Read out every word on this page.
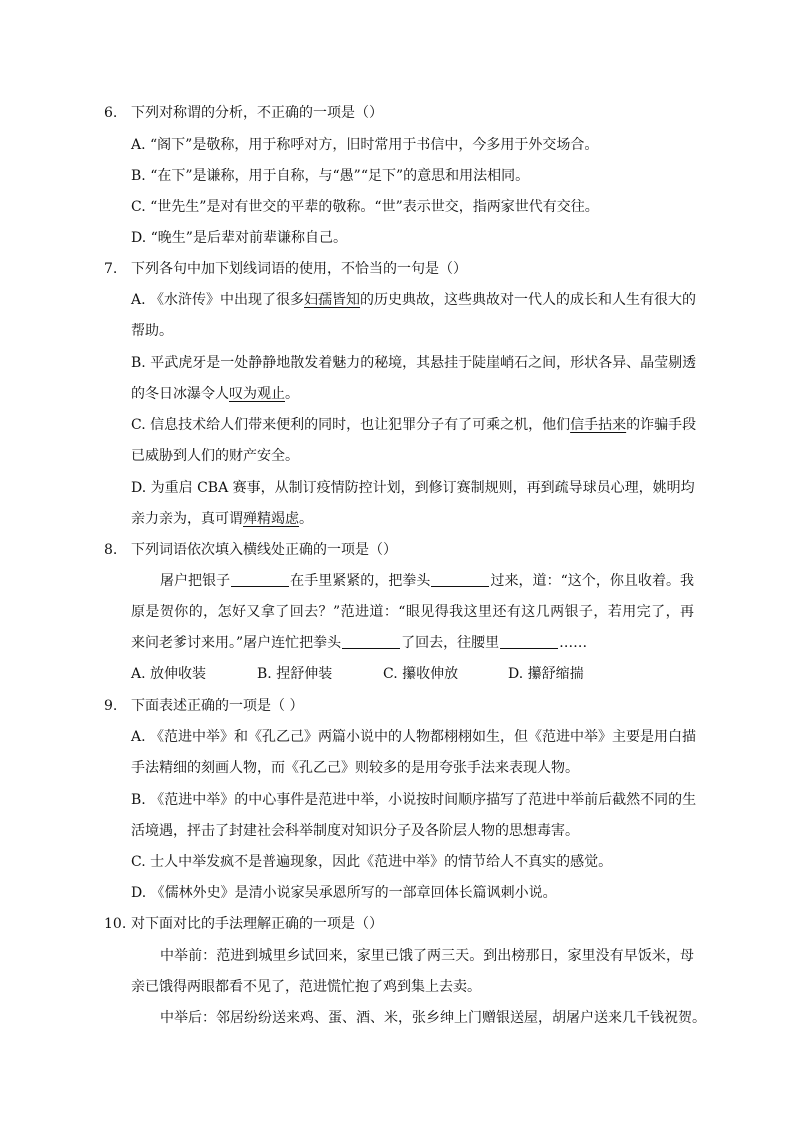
6. 下列对称谓的分析，不正确的一项是（）
A. “阁下”是敬称，用于称呼对方，旧时常用于书信中，今多用于外交场合。
B. “在下”是谦称，用于自称，与“愚”“足下”的意思和用法相同。
C. “世先生”是对有世交的平辈的敬称。“世”表示世交，指两家世代有交往。
D. “晚生”是后辈对前辈谦称自己。
7. 下列各句中加下划线词语的使用，不恰当的一句是（）
A. 《水浒传》中出现了很多妇孺皆知的历史典故，这些典故对一代人的成长和人生有很大的
帮助。
B. 平武虎牙是一处静静地散发着魅力的秘境，其悬挂于陡崖峭石之间，形状各异、晶莹剔透
的冬日冰瀑令人叹为观止。
C. 信息技术给人们带来便利的同时，也让犯罪分子有了可乘之机，他们信手拈来的诈骗手段
已威胁到人们的财产安全。
D. 为重启 CBA 赛事，从制订疫情防控计划，到修订赛制规则，再到疏导球员心理，姚明均
亲力亲为，真可谓殚精竭虑。
8. 下列词语依次填入横线处正确的一项是（）
屠户把银子	在手里紧紧的，把拳头	过来，道：“这个，你且收着。我
原是贺你的，怎好又拿了回去？”范进道：“眼见得我这里还有这几两银子，若用完了，再
来问老爹讨来用。”屠户连忙把拳头	了回去，往腰里	……
A. 放伸收装	B. 捏舒伸装	C. 攥收伸放	D. 攥舒缩揣
9. 下面表述正确的一项是（ ）
A. 《范进中举》和《孔乙己》两篇小说中的人物都栩栩如生，但《范进中举》主要是用白描
手法精细的刻画人物，而《孔乙己》则较多的是用夸张手法来表现人物。
B. 《范进中举》的中心事件是范进中举，小说按时间顺序描写了范进中举前后截然不同的生
活境遇，抨击了封建社会科举制度对知识分子及各阶层人物的思想毒害。
C. 士人中举发疯不是普遍现象，因此《范进中举》的情节给人不真实的感觉。
D. 《儒林外史》是清小说家吴承恩所写的一部章回体长篇讽刺小说。
10. 对下面对比的手法理解正确的一项是（）
中举前：范进到城里乡试回来，家里已饿了两三天。到出榜那日，家里没有早饭米，母
亲已饿得两眼都看不见了，范进慌忙抱了鸡到集上去卖。
中举后：邻居纷纷送来鸡、蛋、酒、米，张乡绅上门赠银送屋，胡屠户送来几千钱祝贺。
